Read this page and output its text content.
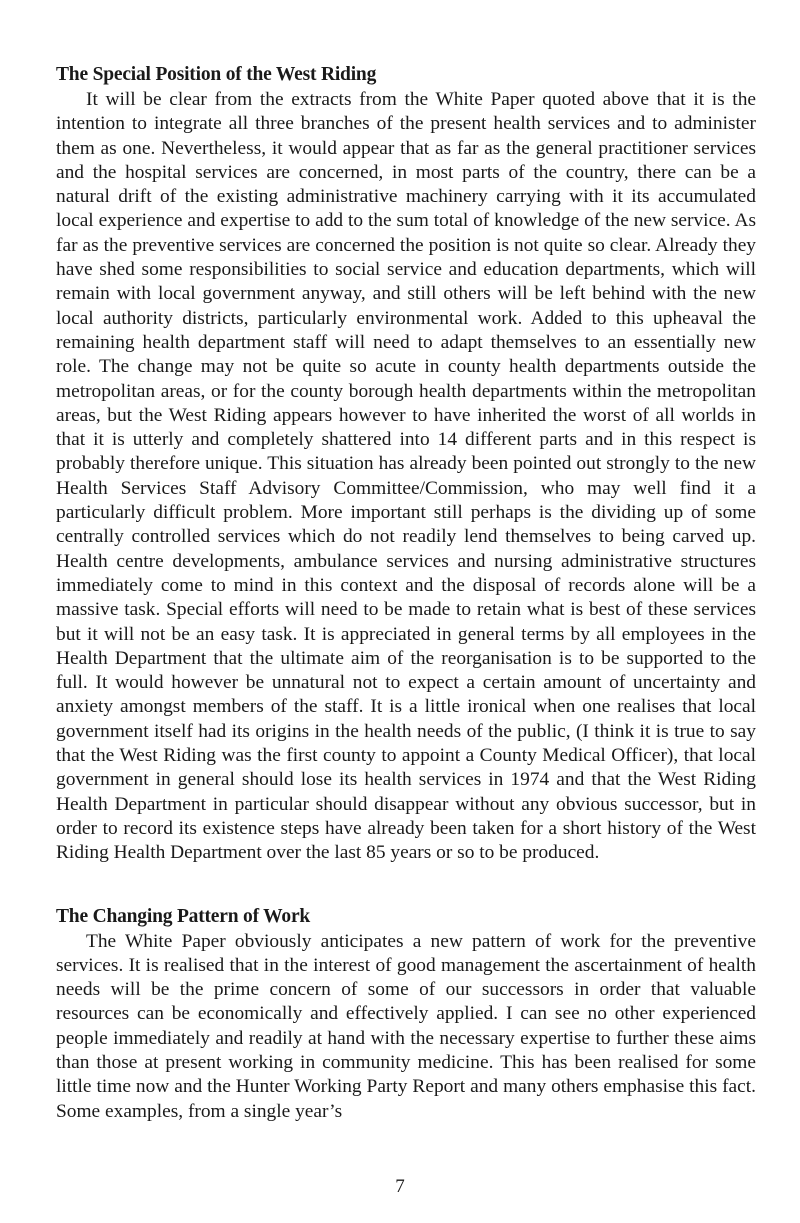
The Special Position of the West Riding

It will be clear from the extracts from the White Paper quoted above that it is the intention to integrate all three branches of the present health services and to administer them as one. Nevertheless, it would appear that as far as the general practitioner services and the hospital services are concerned, in most parts of the country, there can be a natural drift of the existing administrative machinery carrying with it its accumulated local experience and expertise to add to the sum total of knowledge of the new service. As far as the preventive services are concerned the position is not quite so clear. Already they have shed some responsibilities to social service and education departments, which will remain with local government anyway, and still others will be left behind with the new local authority districts, particularly environmental work. Added to this upheaval the remaining health department staff will need to adapt themselves to an essentially new role. The change may not be quite so acute in county health departments outside the metropolitan areas, or for the county borough health departments within the metropolitan areas, but the West Riding appears however to have inherited the worst of all worlds in that it is utterly and completely shattered into 14 different parts and in this respect is probably therefore unique. This situation has already been pointed out strongly to the new Health Services Staff Advisory Committee/Commission, who may well find it a particularly difficult problem. More important still perhaps is the dividing up of some centrally controlled services which do not readily lend themselves to being carved up. Health centre developments, ambulance services and nursing administrative structures immediately come to mind in this context and the disposal of records alone will be a massive task. Special efforts will need to be made to retain what is best of these services but it will not be an easy task. It is appreciated in general terms by all employees in the Health Department that the ultimate aim of the reorganisation is to be supported to the full. It would however be unnatural not to expect a certain amount of uncertainty and anxiety amongst members of the staff. It is a little ironical when one realises that local government itself had its origins in the health needs of the public, (I think it is true to say that the West Riding was the first county to appoint a County Medical Officer), that local government in general should lose its health services in 1974 and that the West Riding Health Department in particular should disappear without any obvious successor, but in order to record its existence steps have already been taken for a short history of the West Riding Health Department over the last 85 years or so to be produced.

The Changing Pattern of Work

The White Paper obviously anticipates a new pattern of work for the preventive services. It is realised that in the interest of good management the ascertainment of health needs will be the prime concern of some of our successors in order that valuable resources can be economically and effectively applied. I can see no other experienced people immediately and readily at hand with the necessary expertise to further these aims than those at present working in community medicine. This has been realised for some little time now and the Hunter Working Party Report and many others emphasise this fact. Some examples, from a single year’s

7
